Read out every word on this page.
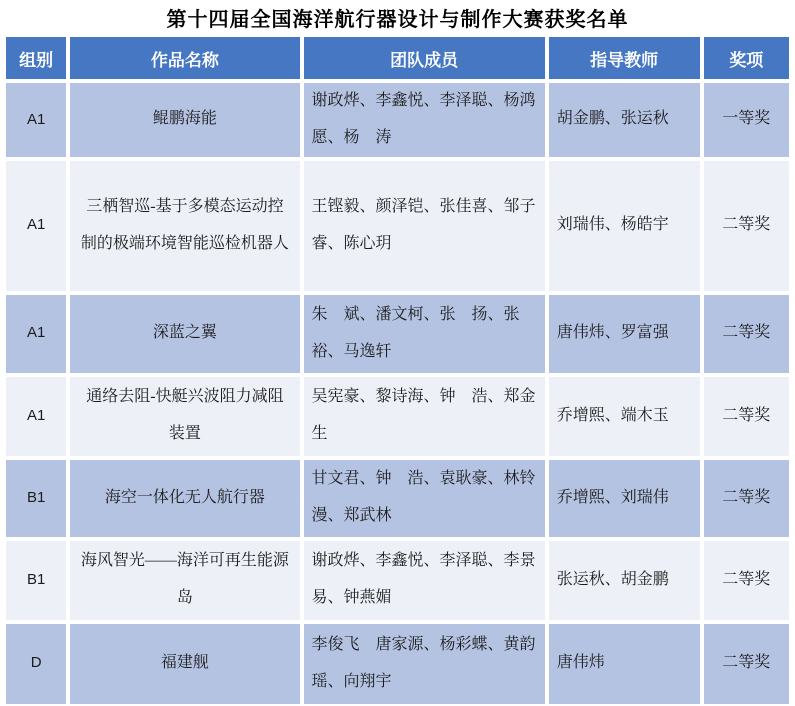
第十四届全国海洋航行器设计与制作大赛获奖名单
组别	作品名称	团队成员	指导教师	奖项
A1	鲲鹏海能	谢政烨、李鑫悦、李泽聪、杨鸿愿、杨　涛	胡金鹏、张运秋	一等奖
A1	三栖智巡-基于多模态运动控制的极端环境智能巡检机器人	王铿毅、颜泽铠、张佳喜、邹子睿、陈心玥	刘瑞伟、杨皓宇	二等奖
A1	深蓝之翼	朱　斌、潘文柯、张　扬、张　裕、马逸轩	唐伟炜、罗富强	二等奖
A1	通络去阻-快艇兴波阻力减阻装置	吴宪豪、黎诗海、钟　浩、郑金生	乔增熙、端木玉	二等奖
B1	海空一体化无人航行器	甘文君、钟　浩、袁耿豪、林铃漫、郑武林	乔增熙、刘瑞伟	二等奖
B1	海风智光——海洋可再生能源岛	谢政烨、李鑫悦、李泽聪、李景易、钟燕媚	张运秋、胡金鹏	二等奖
D	福建舰	李俊飞　唐家源、杨彩蝶、黄韵瑶、向翔宇	唐伟炜	二等奖
